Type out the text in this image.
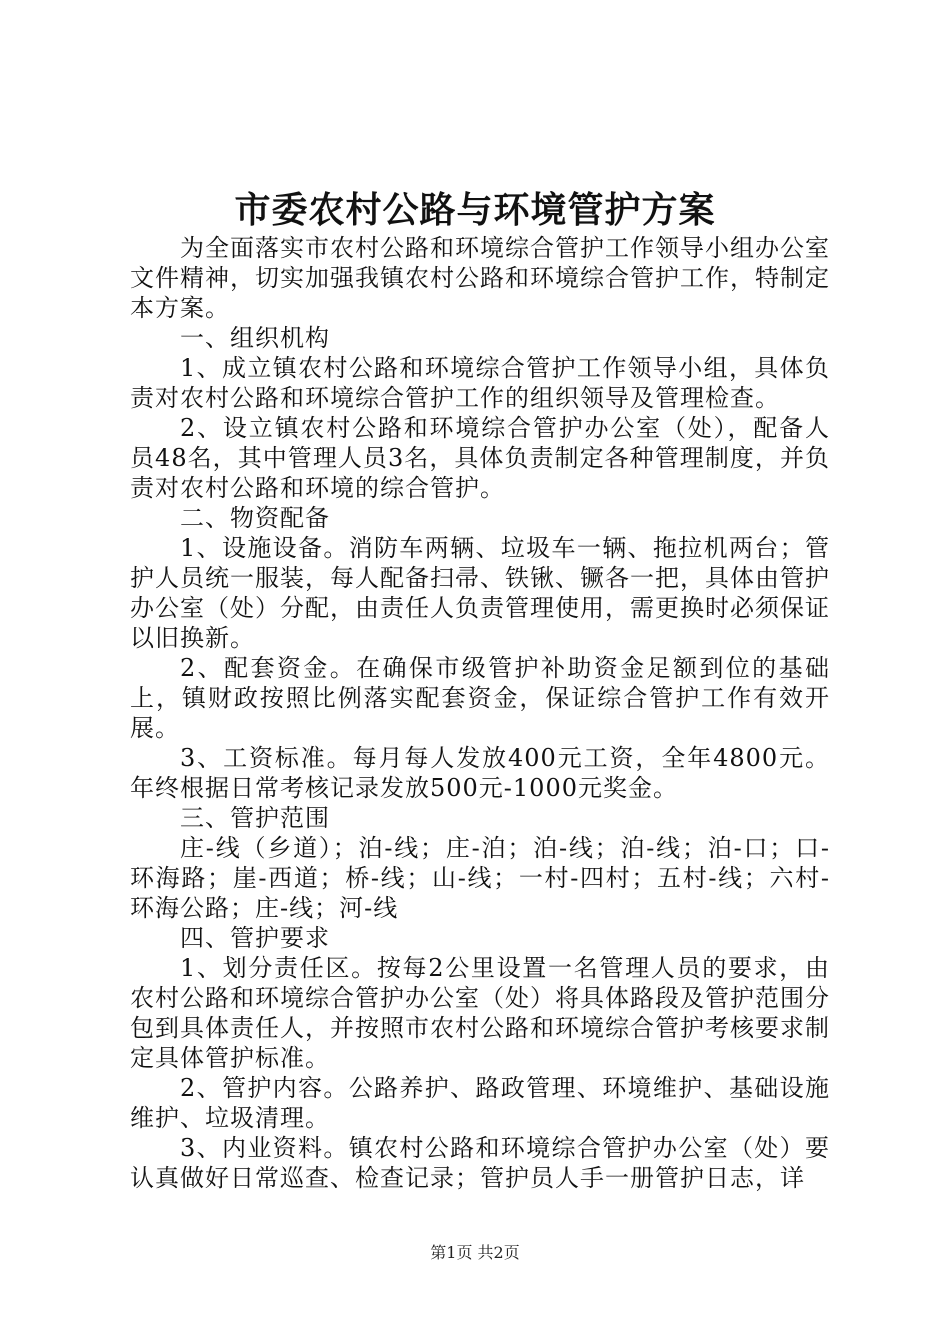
市委农村公路与环境管护方案

为全面落实市农村公路和环境综合管护工作领导小组办公室文件精神，切实加强我镇农村公路和环境综合管护工作，特制定本方案。

一、组织机构

1、成立镇农村公路和环境综合管护工作领导小组，具体负责对农村公路和环境综合管护工作的组织领导及管理检查。

2、设立镇农村公路和环境综合管护办公室（处），配备人员48名，其中管理人员3名，具体负责制定各种管理制度，并负责对农村公路和环境的综合管护。

二、物资配备

1、设施设备。消防车两辆、垃圾车一辆、拖拉机两台；管护人员统一服装，每人配备扫帚、铁锹、镢各一把，具体由管护办公室（处）分配，由责任人负责管理使用，需更换时必须保证以旧换新。

2、配套资金。在确保市级管护补助资金足额到位的基础上，镇财政按照比例落实配套资金，保证综合管护工作有效开展。

3、工资标准。每月每人发放400元工资，全年4800元。年终根据日常考核记录发放500元-1000元奖金。

三、管护范围

庄-线（乡道）；泊-线；庄-泊；泊-线；泊-线；泊-口；口-环海路；崖-西道；桥-线；山-线；一村-四村；五村-线；六村-环海公路；庄-线；河-线

四、管护要求

1、划分责任区。按每2公里设置一名管理人员的要求，由农村公路和环境综合管护办公室（处）将具体路段及管护范围分包到具体责任人，并按照市农村公路和环境综合管护考核要求制定具体管护标准。

2、管护内容。公路养护、路政管理、环境维护、基础设施维护、垃圾清理。

3、内业资料。镇农村公路和环境综合管护办公室（处）要认真做好日常巡查、检查记录；管护员人手一册管护日志，详

第1页 共2页
